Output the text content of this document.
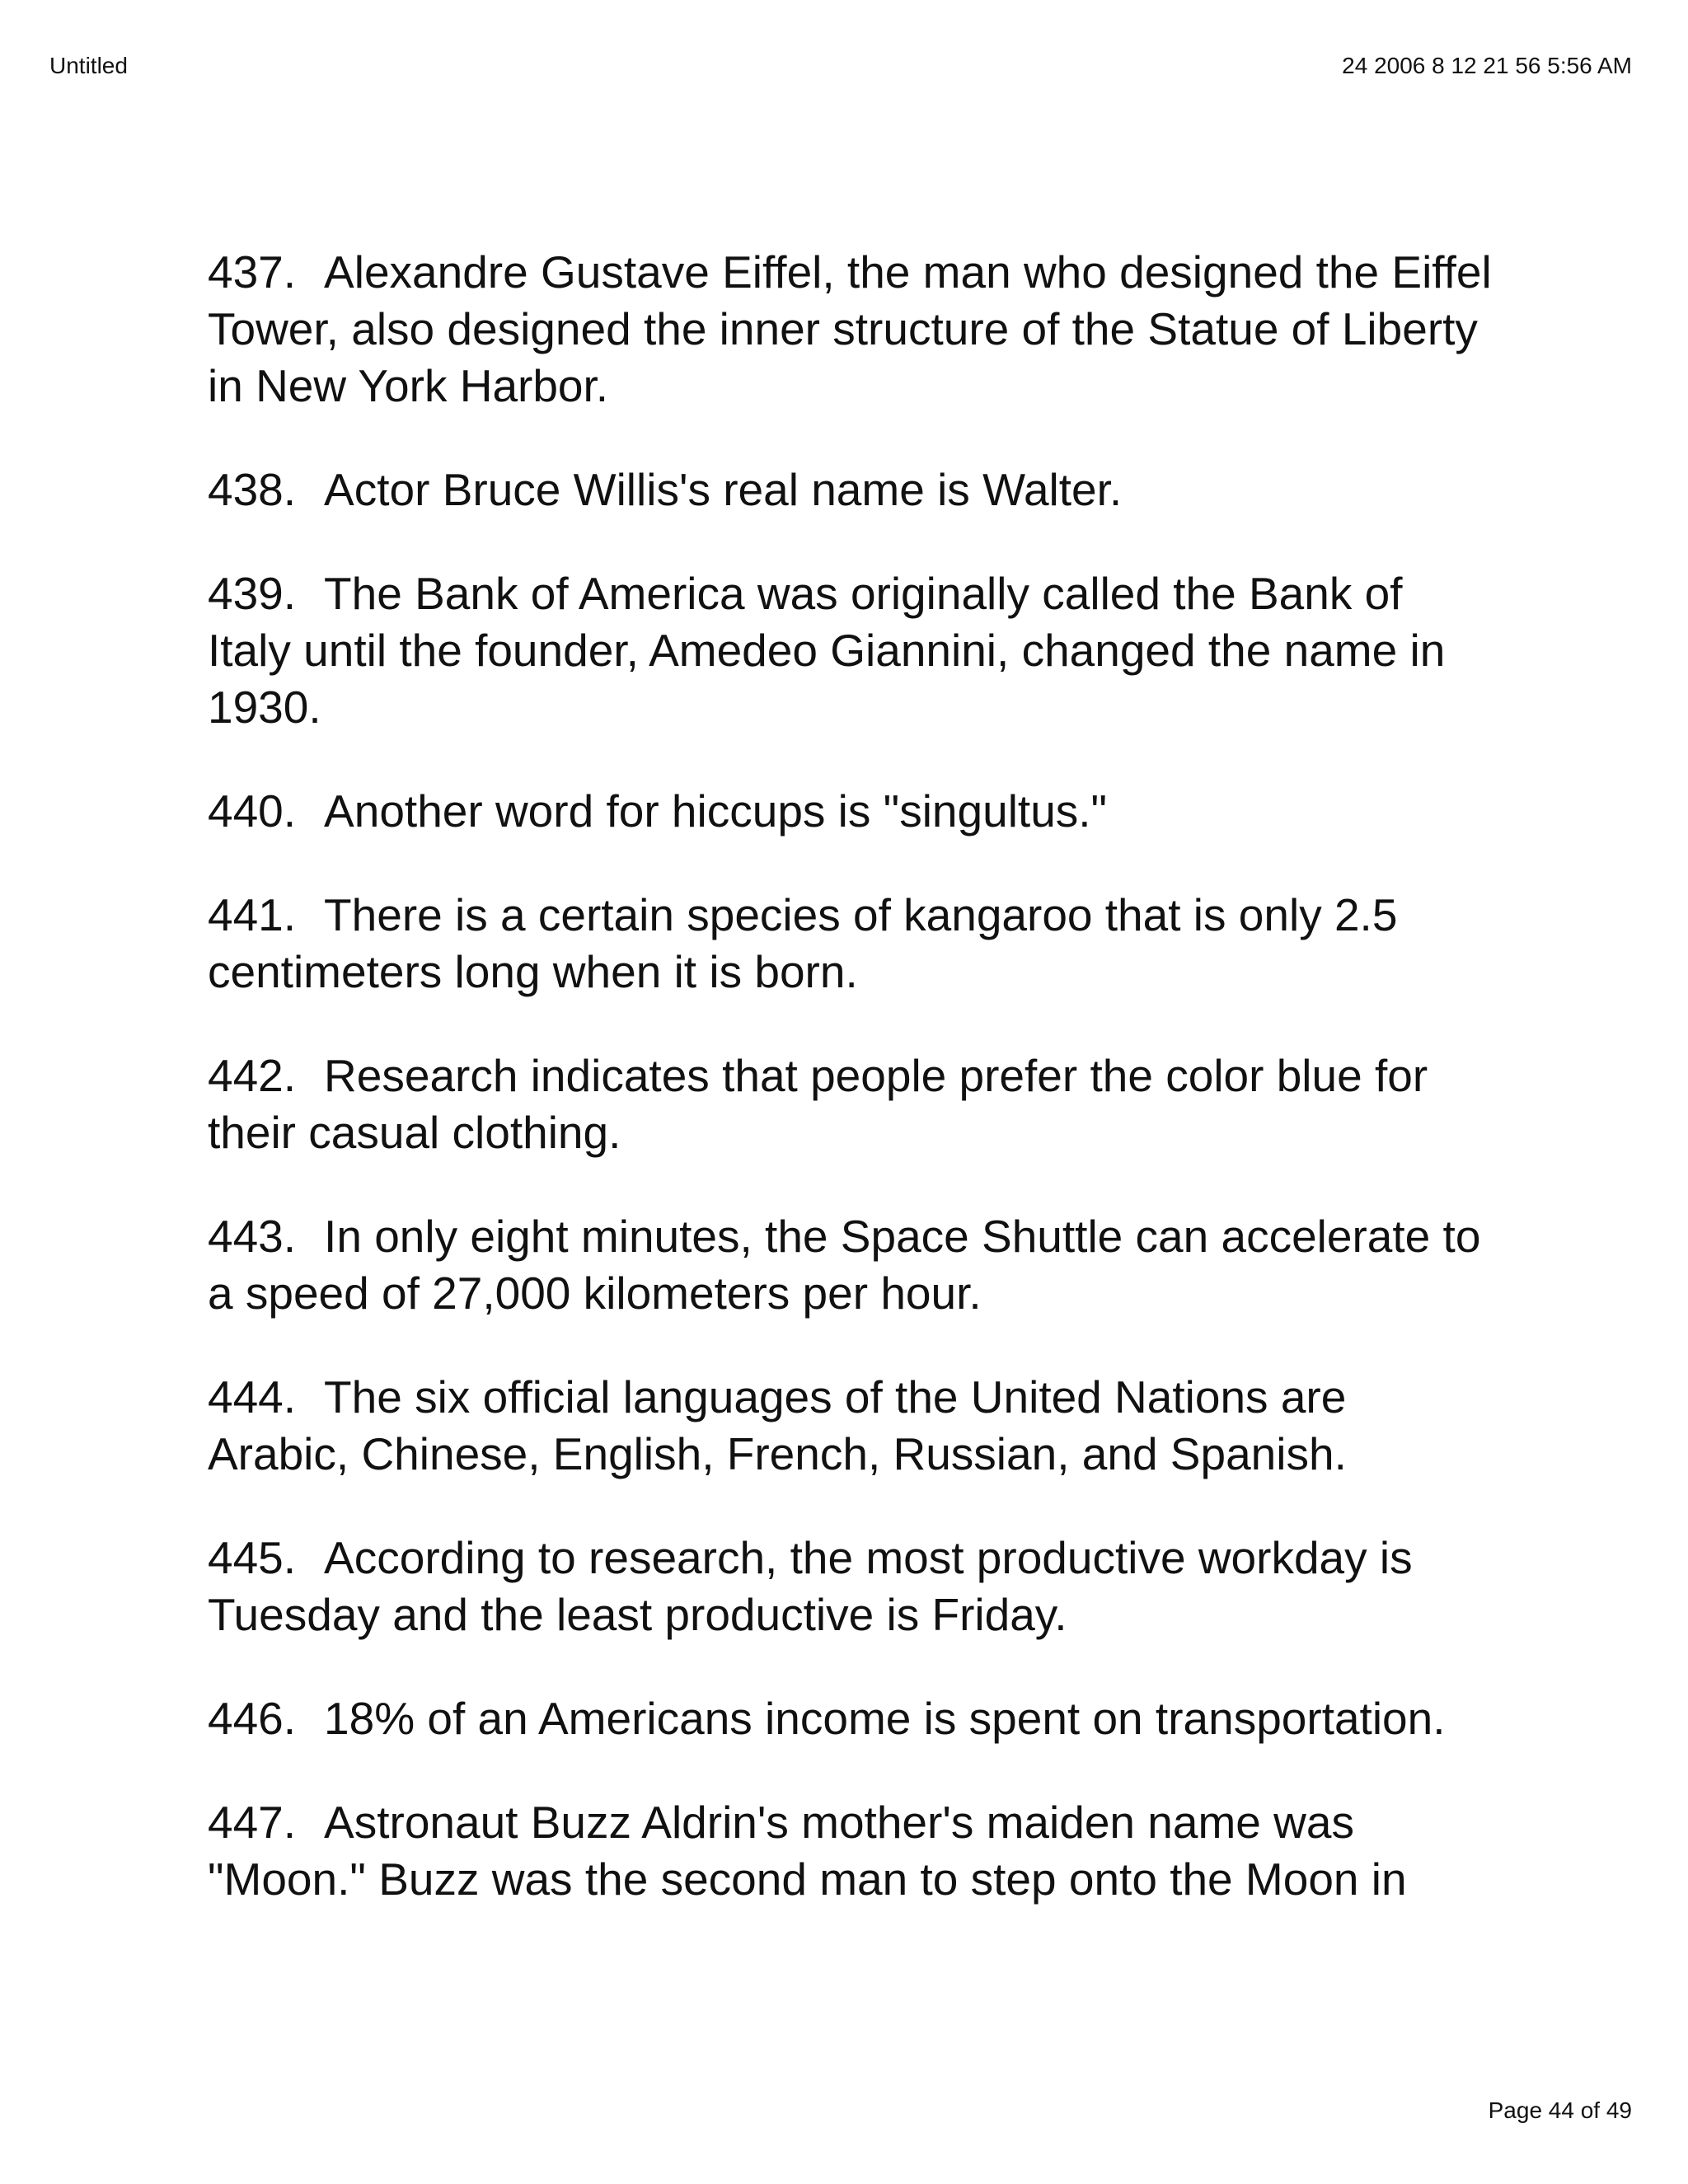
Untitled	24 2006 8 12 21 56 5:56 AM

437. Alexandre Gustave Eiffel, the man who designed the Eiffel Tower, also designed the inner structure of the Statue of Liberty in New York Harbor.

438. Actor Bruce Willis's real name is Walter.

439. The Bank of America was originally called the Bank of Italy until the founder, Amedeo Giannini, changed the name in 1930.

440. Another word for hiccups is "singultus."

441. There is a certain species of kangaroo that is only 2.5 centimeters long when it is born.

442. Research indicates that people prefer the color blue for their casual clothing.

443. In only eight minutes, the Space Shuttle can accelerate to a speed of 27,000 kilometers per hour.

444. The six official languages of the United Nations are Arabic, Chinese, English, French, Russian, and Spanish.

445. According to research, the most productive workday is Tuesday and the least productive is Friday.

446. 18% of an Americans income is spent on transportation.

447. Astronaut Buzz Aldrin's mother's maiden name was "Moon." Buzz was the second man to step onto the Moon in

Page 44 of 49
